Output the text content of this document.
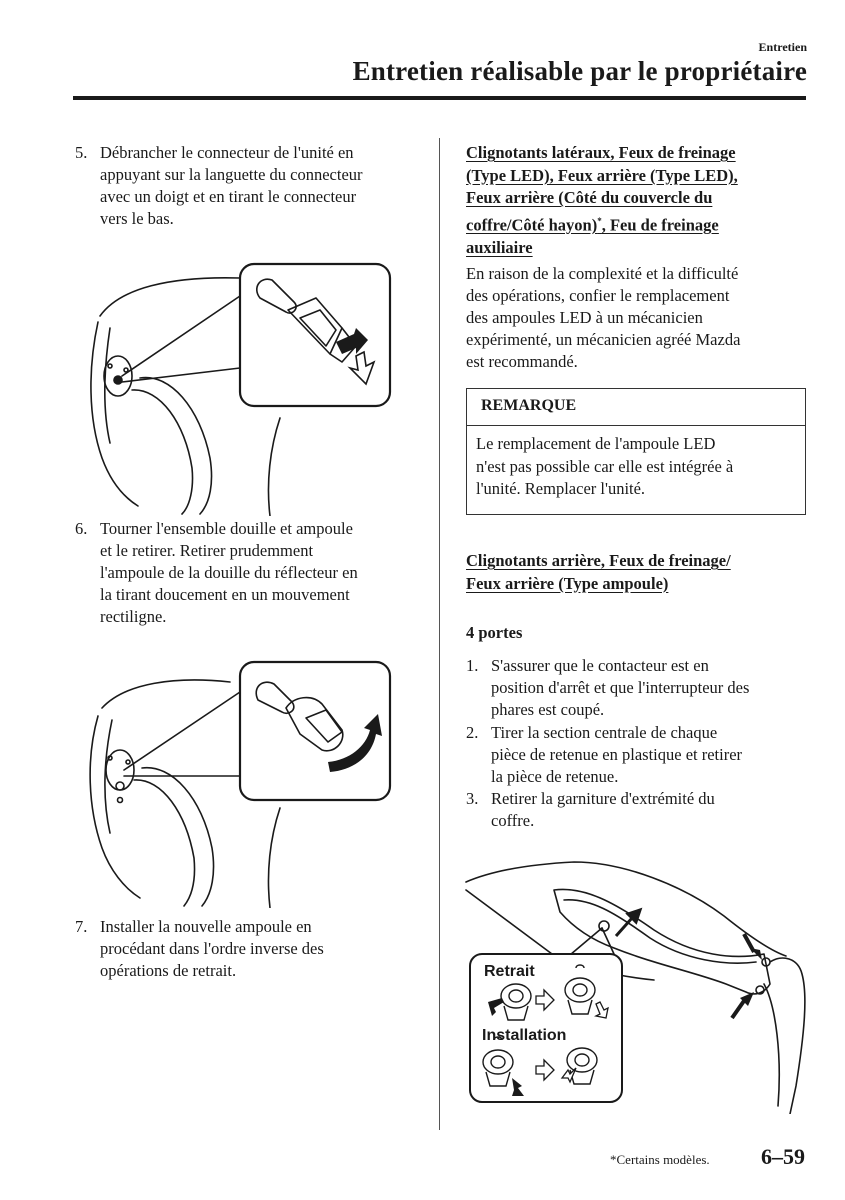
Entretien
Entretien réalisable par le propriétaire
5. Débrancher le connecteur de l'unité en
appuyant sur la languette du connecteur
avec un doigt et en tirant le connecteur
vers le bas.
6. Tourner l'ensemble douille et ampoule
et le retirer. Retirer prudemment
l'ampoule de la douille du réflecteur en
la tirant doucement en un mouvement
rectiligne.
7. Installer la nouvelle ampoule en
procédant dans l'ordre inverse des
opérations de retrait.
Clignotants latéraux, Feux de freinage
(Type LED), Feux arrière (Type LED),
Feux arrière (Côté du couvercle du
coffre/Côté hayon)*, Feu de freinage
auxiliaire
En raison de la complexité et la difficulté
des opérations, confier le remplacement
des ampoules LED à un mécanicien
expérimenté, un mécanicien agréé Mazda
est recommandé.
REMARQUE
Le remplacement de l'ampoule LED
n'est pas possible car elle est intégrée à
l'unité. Remplacer l'unité.
Clignotants arrière, Feux de freinage/
Feux arrière (Type ampoule)
4 portes
1. S'assurer que le contacteur est en
position d'arrêt et que l'interrupteur des
phares est coupé.
2. Tirer la section centrale de chaque
pièce de retenue en plastique et retirer
la pièce de retenue.
3. Retirer la garniture d'extrémité du
coffre.
Retrait
Installation
*Certains modèles. 6–59
